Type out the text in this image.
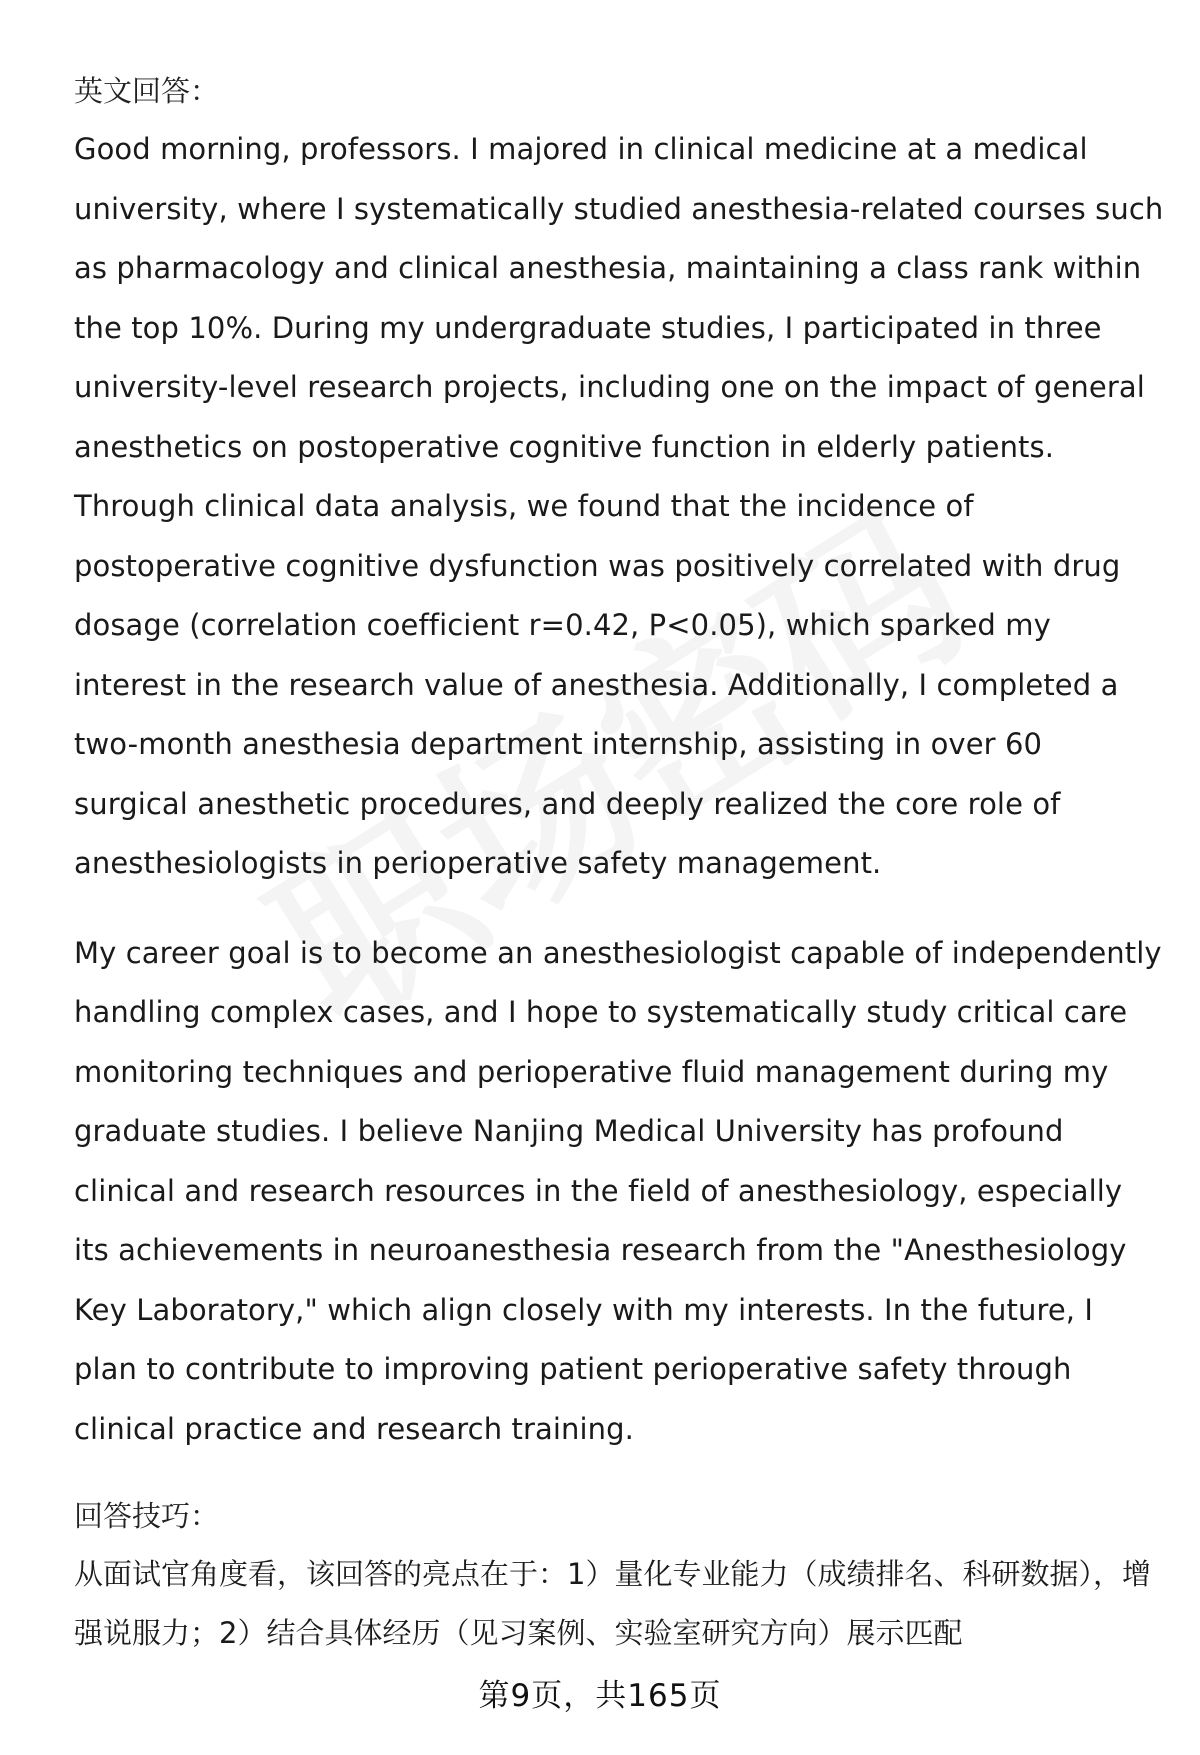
英文回答：

Good morning, professors. I majored in clinical medicine at a medical university, where I systematically studied anesthesia-related courses such as pharmacology and clinical anesthesia, maintaining a class rank within the top 10%. During my undergraduate studies, I participated in three university-level research projects, including one on the impact of general anesthetics on postoperative cognitive function in elderly patients. Through clinical data analysis, we found that the incidence of postoperative cognitive dysfunction was positively correlated with drug dosage (correlation coefficient r=0.42, P<0.05), which sparked my interest in the research value of anesthesia. Additionally, I completed a two-month anesthesia department internship, assisting in over 60 surgical anesthetic procedures, and deeply realized the core role of anesthesiologists in perioperative safety management.

My career goal is to become an anesthesiologist capable of independently handling complex cases, and I hope to systematically study critical care monitoring techniques and perioperative fluid management during my graduate studies. I believe Nanjing Medical University has profound clinical and research resources in the field of anesthesiology, especially its achievements in neuroanesthesia research from the "Anesthesiology Key Laboratory," which align closely with my interests. In the future, I plan to contribute to improving patient perioperative safety through clinical practice and research training.

回答技巧：

从面试官角度看，该回答的亮点在于：1）量化专业能力（成绩排名、科研数据），增强说服力；2）结合具体经历（见习案例、实验室研究方向）展示匹配

第9页，共165页
